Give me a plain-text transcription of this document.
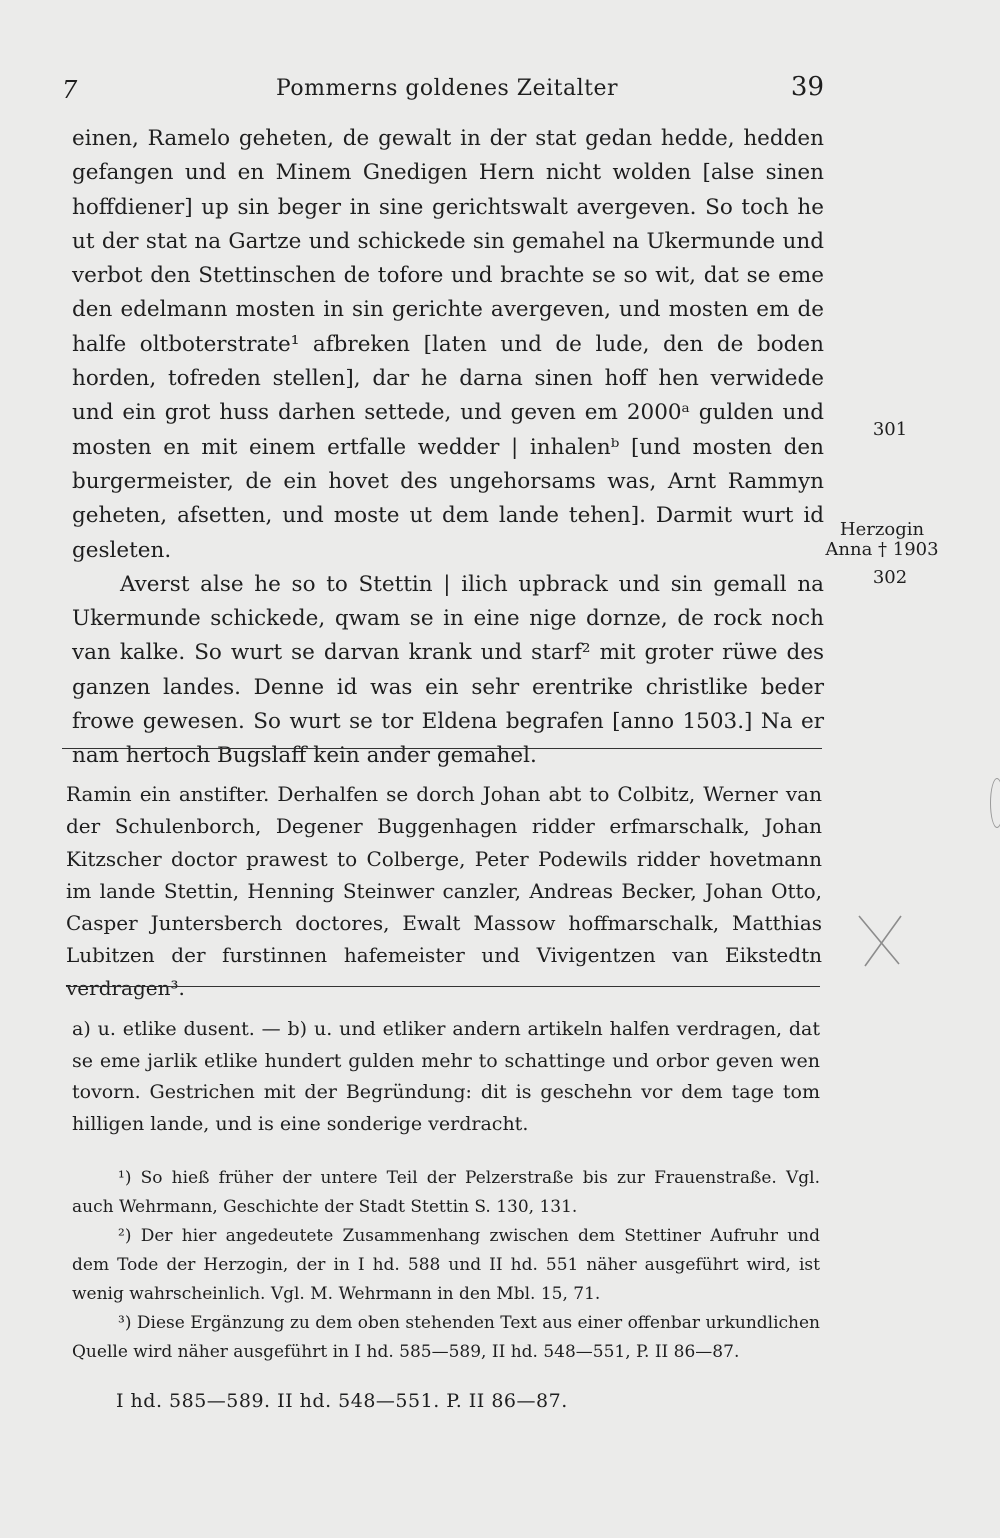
7	Pommerns goldenes Zeitalter	39

einen, Ramelo geheten, de gewalt in der stat gedan hedde, hedden gefangen und en Minem Gnedigen Hern nicht wolden [alse sinen hoffdiener] up sin beger in sine gerichtswalt avergeven. So toch he ut der stat na Gartze und schickede sin gemahel na Ukermunde und verbot den Stettinschen de tofore und brachte se so wit, dat se eme den edelmann mosten in sin gerichte avergeven, und mosten em de halfe oltboterstrate¹ afbreken [laten und de lude, den de boden horden, tofreden stellen], dar he darna sinen hoff hen verwidede und ein grot huss darhen settede, und geven em 2000ᵃ gulden und mosten en mit einem ertfalle wedder | inhalenᵇ [und mosten den burgermeister, de ein hovet des ungehorsams was, Arnt Rammyn geheten, afsetten, und moste ut dem lande tehen]. Darmit wurt id gesleten.

Averst alse he so to Stettin | ilich upbrack und sin gemall na Ukermunde schickede, qwam se in eine nige dornze, de rock noch van kalke. So wurt se darvan krank und starf² mit groter rüwe des ganzen landes. Denne id was ein sehr erentrike christlike beder frowe gewesen. So wurt se tor Eldena begrafen [anno 1503.] Na er nam hertoch Bugslaff kein ander gemahel.

301
Herzogin
Anna † 1903
302
Ramin ein anstifter. Derhalfen se dorch Johan abt to Colbitz, Werner van der Schulenborch, Degener Buggenhagen ridder erfmarschalk, Johan Kitzscher doctor prawest to Colberge, Peter Podewils ridder hovetmann im lande Stettin, Henning Steinwer canzler, Andreas Becker, Johan Otto, Casper Juntersberch doctores, Ewalt Massow hoffmarschalk, Matthias Lubitzen der furstinnen hafemeister und Vivigentzen van Eikstedtn verdragen³.
a) u. etlike dusent. — b) u. und etliker andern artikeln halfen verdragen, dat se eme jarlik etlike hundert gulden mehr to schattinge und orbor geven wen tovorn. Gestrichen mit der Begründung: dit is geschehn vor dem tage tom hilligen lande, und is eine sonderige verdracht.

¹) So hieß früher der untere Teil der Pelzerstraße bis zur Frauenstraße. Vgl. auch Wehrmann, Geschichte der Stadt Stettin S. 130, 131.

²) Der hier angedeutete Zusammenhang zwischen dem Stettiner Aufruhr und dem Tode der Herzogin, der in I hd. 588 und II hd. 551 näher ausgeführt wird, ist wenig wahrscheinlich. Vgl. M. Wehrmann in den Mbl. 15, 71.

³) Diese Ergänzung zu dem oben stehenden Text aus einer offenbar urkundlichen Quelle wird näher ausgeführt in I hd. 585—589, II hd. 548—551, P. II 86—87.

I hd. 585—589. II hd. 548—551. P. II 86—87.
